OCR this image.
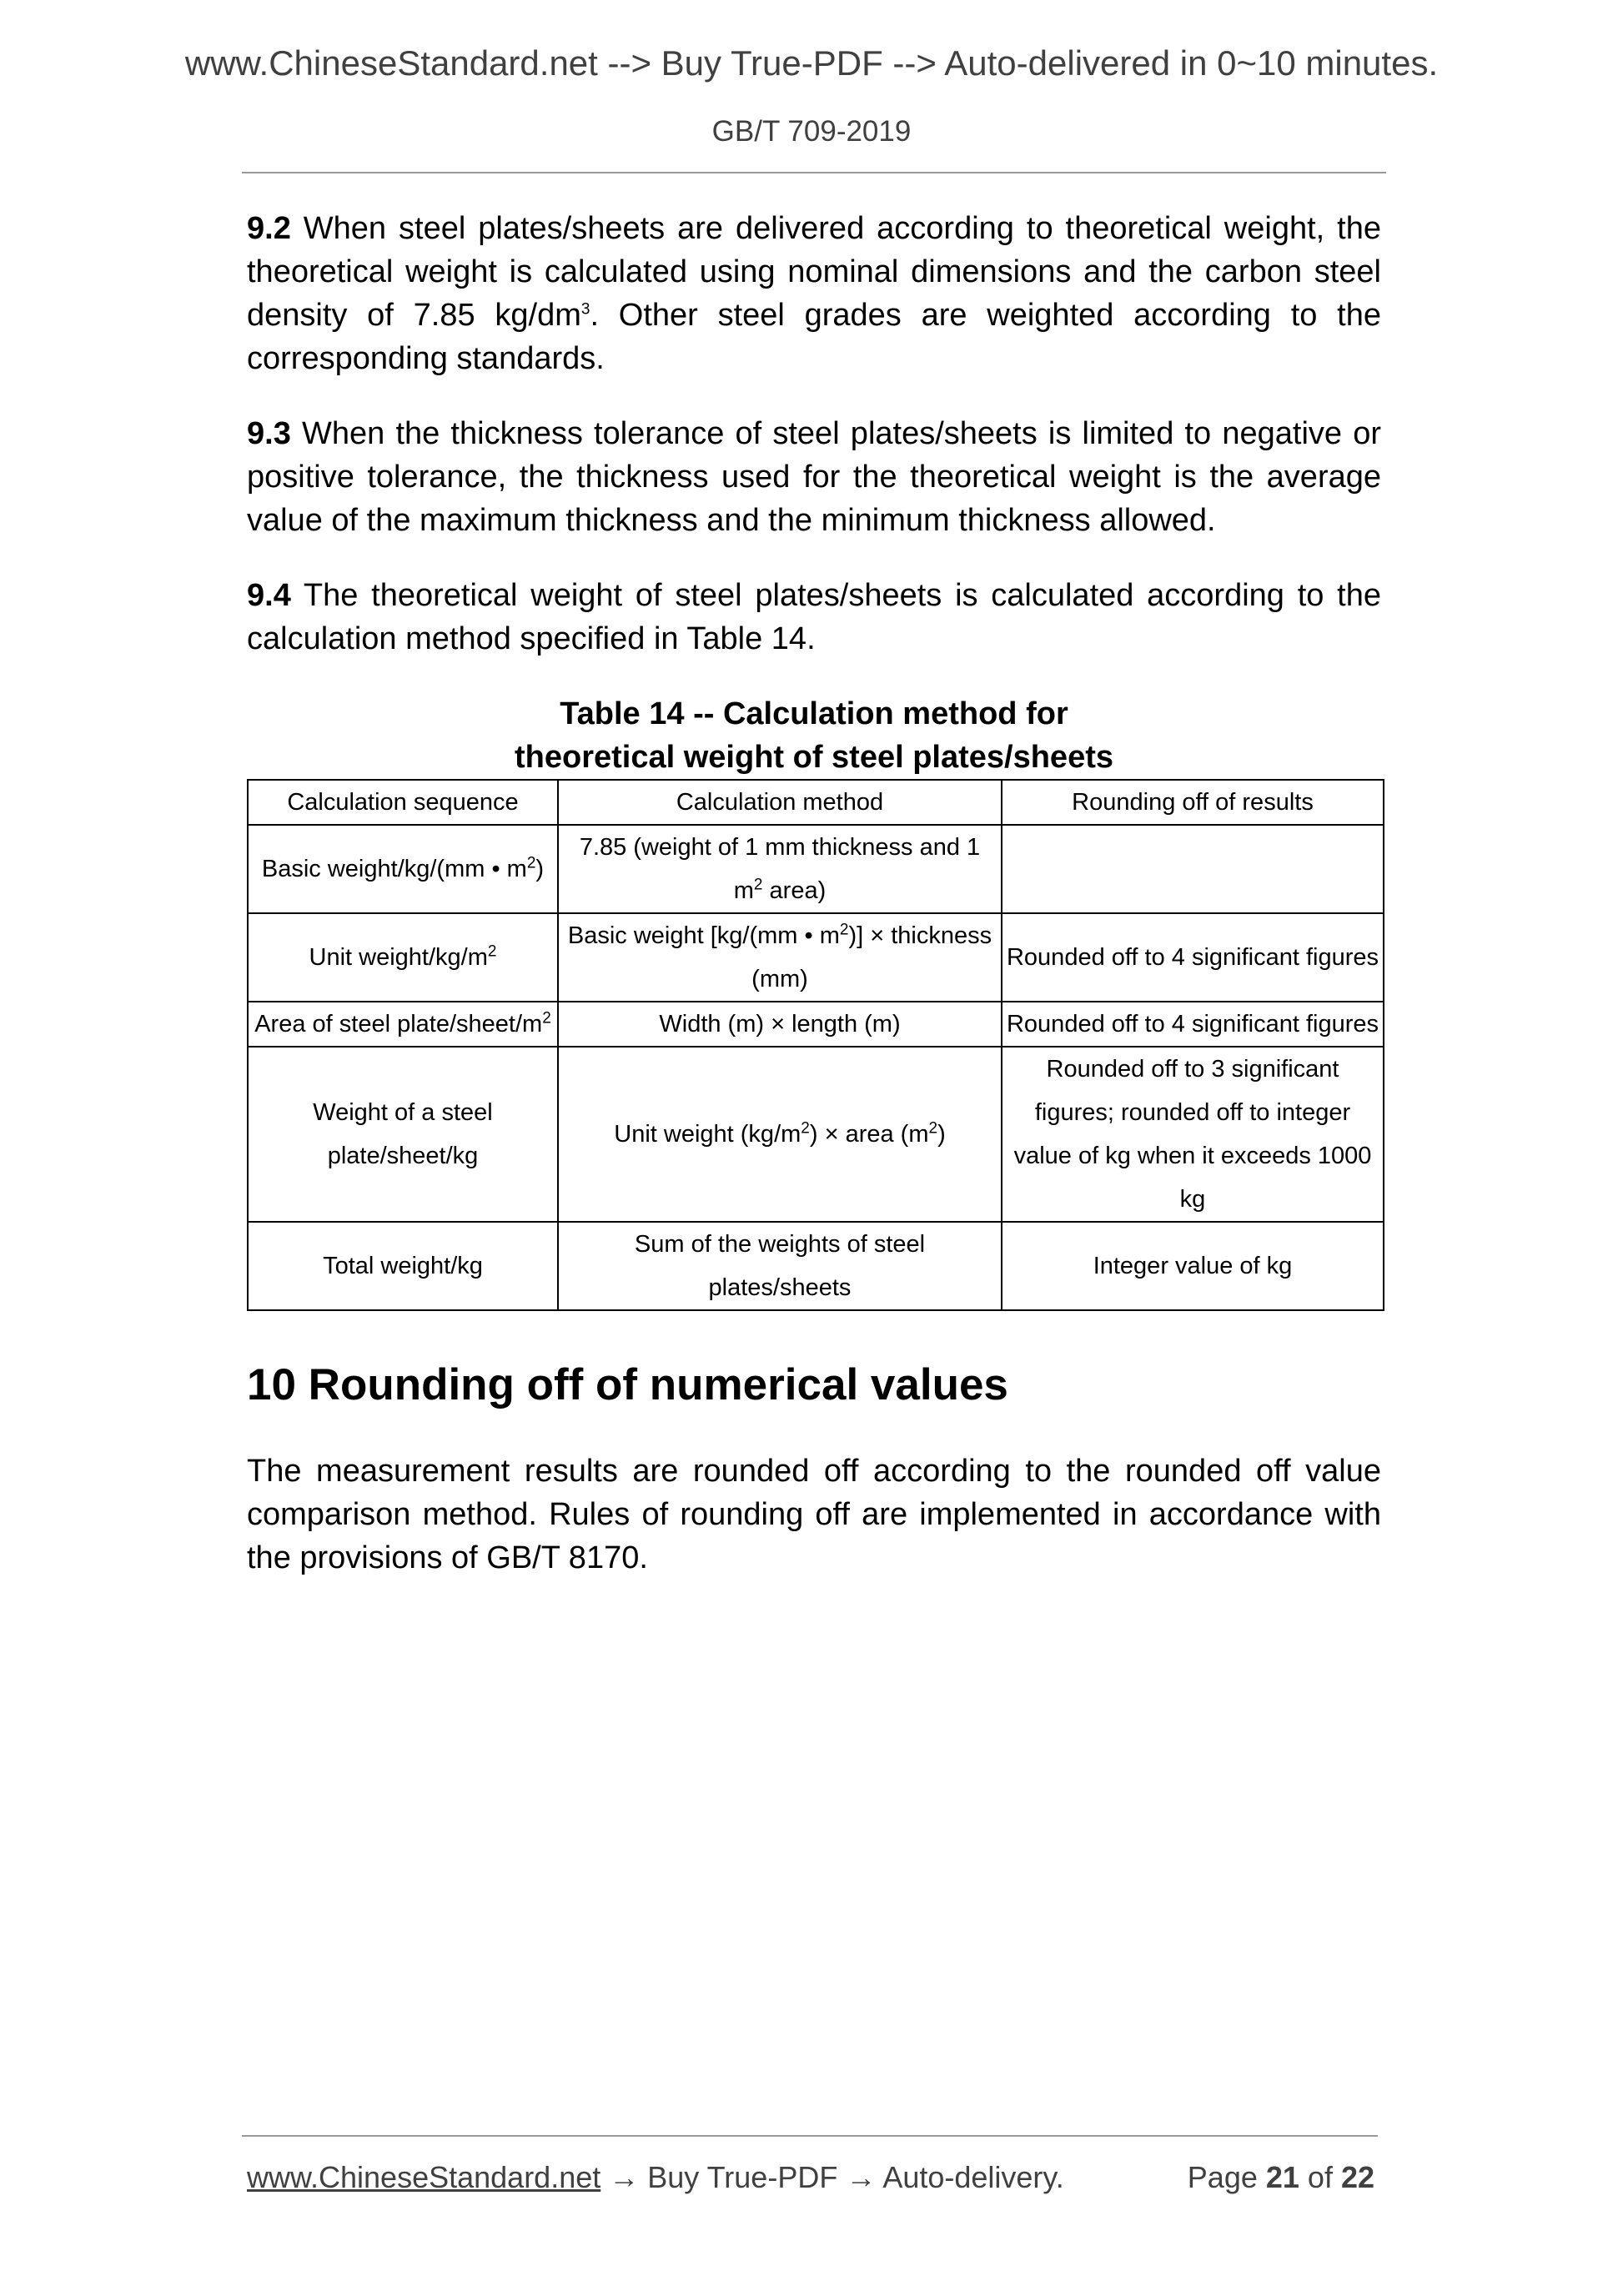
www.ChineseStandard.net --> Buy True-PDF --> Auto-delivered in 0~10 minutes.
GB/T 709-2019

9.2 When steel plates/sheets are delivered according to theoretical weight, the theoretical weight is calculated using nominal dimensions and the carbon steel density of 7.85 $kg/dm^3$. Other steel grades are weighted according to the corresponding standards.

9.3 When the thickness tolerance of steel plates/sheets is limited to negative or positive tolerance, the thickness used for the theoretical weight is the average value of the maximum thickness and the minimum thickness allowed.

9.4 The theoretical weight of steel plates/sheets is calculated according to the calculation method specified in Table 14.

Table 14 -- Calculation method for
theoretical weight of steel plates/sheets
Calculation sequence	Calculation method	Rounding off of results
Basic weight/kg/(mm • $m^2$)	7.85 (weight of 1 mm thickness and 1 $m^2$ area)	
Unit weight/$kg/m^2$	Basic weight [kg/(mm • $m^2$)] × thickness (mm)	Rounded off to 4 significant figures
Area of steel plate/$sheet/m^2$	Width (m) × length (m)	Rounded off to 4 significant figures
Weight of a steel plate/sheet/kg	Unit weight $(kg/m^2)$ × area $(m^2)$	Rounded off to 3 significant figures; rounded off to integer value of kg when it exceeds 1000 kg
Total weight/kg	Sum of the weights of steel plates/sheets	Integer value of kg
10 Rounding off of numerical values

The measurement results are rounded off according to the rounded off value comparison method. Rules of rounding off are implemented in accordance with the provisions of GB/T 8170.

www.ChineseStandard.net → Buy True-PDF → Auto-delivery.	Page 21 of 22
